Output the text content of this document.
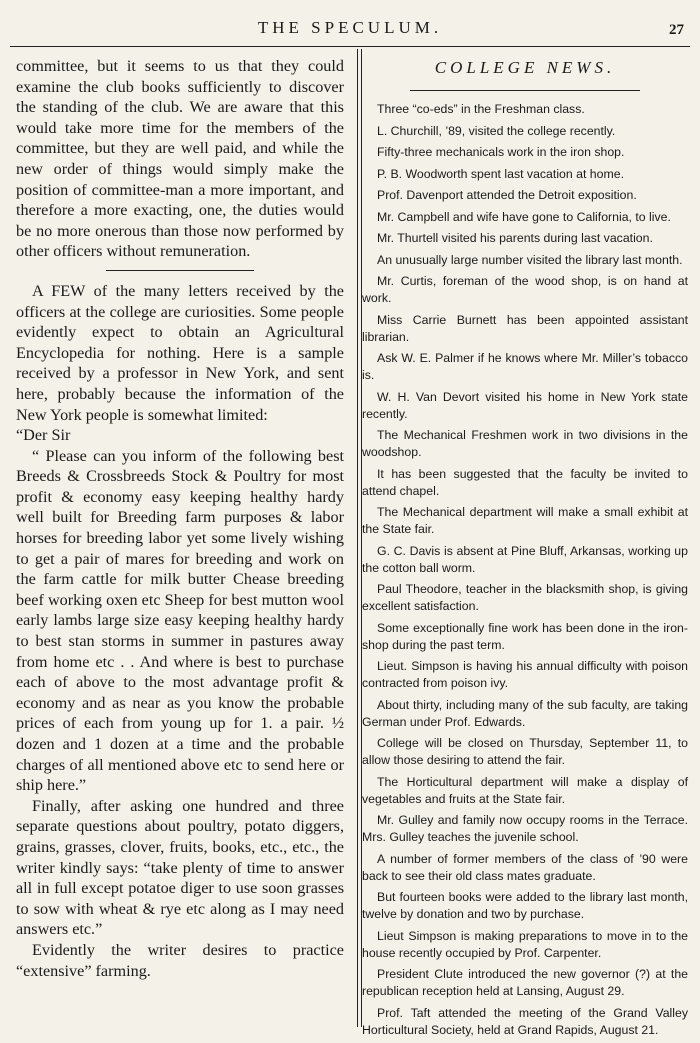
THE SPECULUM.	27

committee, but it seems to us that they could examine the club books sufficiently to discover the standing of the club. We are aware that this would take more time for the members of the committee, but they are well paid, and while the new order of things would simply make the position of committee-man a more important, and therefore a more exacting, one, the duties would be no more onerous than those now performed by other officers without remuneration.

A FEW of the many letters received by the officers at the college are curiosities. Some people evidently expect to obtain an Agricultural Encyclopedia for nothing. Here is a sample received by a professor in New York, and sent here, probably because the information of the New York people is somewhat limited:

“Der Sir

“ Please can you inform of the following best Breeds & Crossbreeds Stock & Poultry for most profit & economy easy keeping healthy hardy well built for Breeding farm purposes & labor horses for breeding labor yet some lively wishing to get a pair of mares for breeding and work on the farm cattle for milk butter Chease breeding beef working oxen etc Sheep for best mutton wool early lambs large size easy keeping healthy hardy to best stan storms in summer in pastures away from home etc . . And where is best to purchase each of above to the most advantage profit & economy and as near as you know the probable prices of each from young up for 1. a pair. ½ dozen and 1 dozen at a time and the probable charges of all mentioned above etc to send here or ship here.”

Finally, after asking one hundred and three separate questions about poultry, potato diggers, grains, grasses, clover, fruits, books, etc., etc., the writer kindly says: “take plenty of time to answer all in full except potatoe diger to use soon grasses to sow with wheat & rye etc along as I may need answers etc.”

Evidently the writer desires to practice “extensive” farming.

COLLEGE NEWS.

Three “co-eds” in the Freshman class.

L. Churchill, ’89, visited the college recently.

Fifty-three mechanicals work in the iron shop.

P. B. Woodworth spent last vacation at home.

Prof. Davenport attended the Detroit exposition.

Mr. Campbell and wife have gone to California, to live.

Mr. Thurtell visited his parents during last vacation.

An unusually large number visited the library last month.

Mr. Curtis, foreman of the wood shop, is on hand at work.

Miss Carrie Burnett has been appointed assistant librarian.

Ask W. E. Palmer if he knows where Mr. Miller’s tobacco is.

W. H. Van Devort visited his home in New York state recently.

The Mechanical Freshmen work in two divisions in the woodshop.

It has been suggested that the faculty be invited to attend chapel.

The Mechanical department will make a small exhibit at the State fair.

G. C. Davis is absent at Pine Bluff, Arkansas, working up the cotton ball worm.

Paul Theodore, teacher in the blacksmith shop, is giving excellent satisfaction.

Some exceptionally fine work has been done in the iron-shop during the past term.

Lieut. Simpson is having his annual difficulty with poison contracted from poison ivy.

About thirty, including many of the sub faculty, are taking German under Prof. Edwards.

College will be closed on Thursday, September 11, to allow those desiring to attend the fair.

The Horticultural department will make a display of vegetables and fruits at the State fair.

Mr. Gulley and family now occupy rooms in the Terrace. Mrs. Gulley teaches the juvenile school.

A number of former members of the class of ’90 were back to see their old class mates graduate.

But fourteen books were added to the library last month, twelve by donation and two by purchase.

Lieut Simpson is making preparations to move in to the house recently occupied by Prof. Carpenter.

President Clute introduced the new governor (?) at the republican reception held at Lansing, August 29.

Prof. Taft attended the meeting of the Grand Valley Horticultural Society, held at Grand Rapids, August 21.
